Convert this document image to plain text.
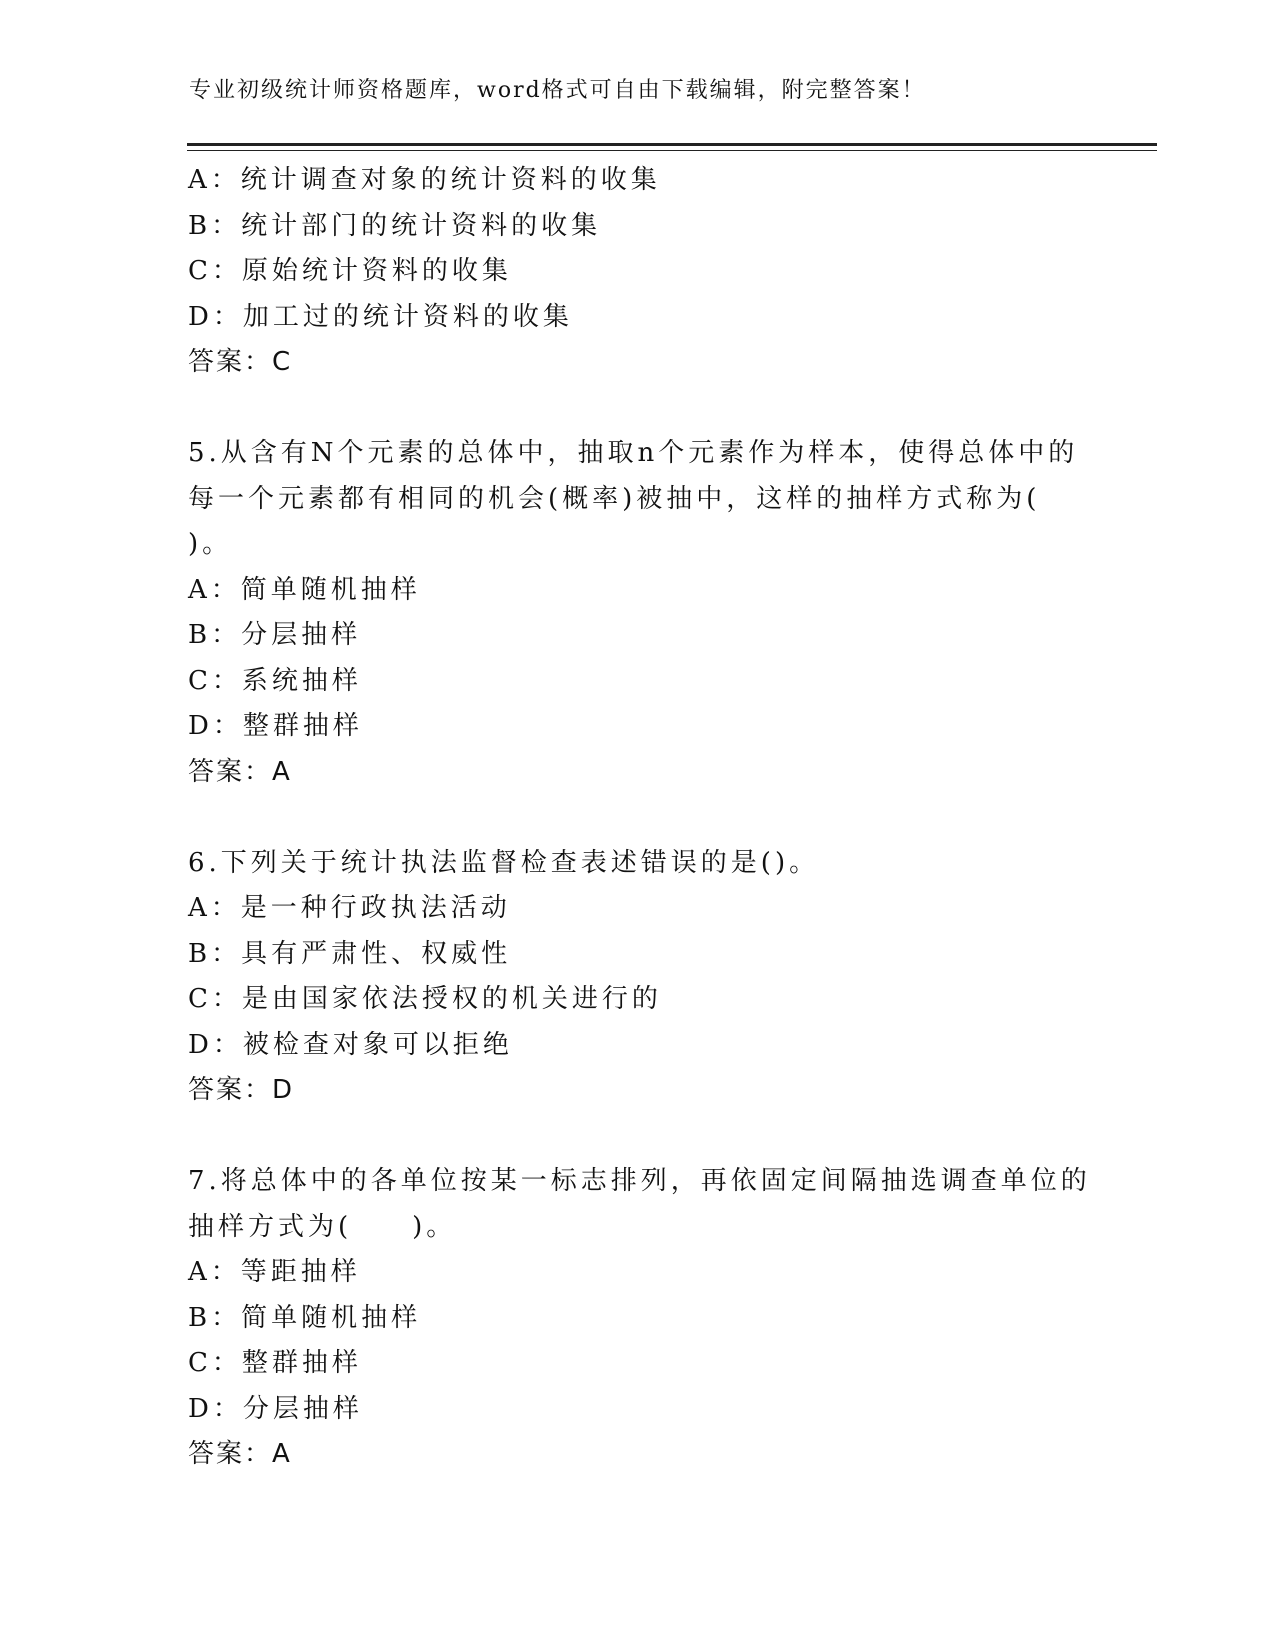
专业初级统计师资格题库，word格式可自由下载编辑，附完整答案！
A：统计调查对象的统计资料的收集
B：统计部门的统计资料的收集
C：原始统计资料的收集
D：加工过的统计资料的收集
答案：C
5.从含有N个元素的总体中，抽取n个元素作为样本，使得总体中的
每一个元素都有相同的机会(概率)被抽中，这样的抽样方式称为(
)。
A：简单随机抽样
B：分层抽样
C：系统抽样
D：整群抽样
答案：A
6.下列关于统计执法监督检查表述错误的是()。
A：是一种行政执法活动
B：具有严肃性、权威性
C：是由国家依法授权的机关进行的
D：被检查对象可以拒绝
答案：D
7.将总体中的各单位按某一标志排列，再依固定间隔抽选调查单位的
抽样方式为(　　)。
A：等距抽样
B：简单随机抽样
C：整群抽样
D：分层抽样
答案：A
